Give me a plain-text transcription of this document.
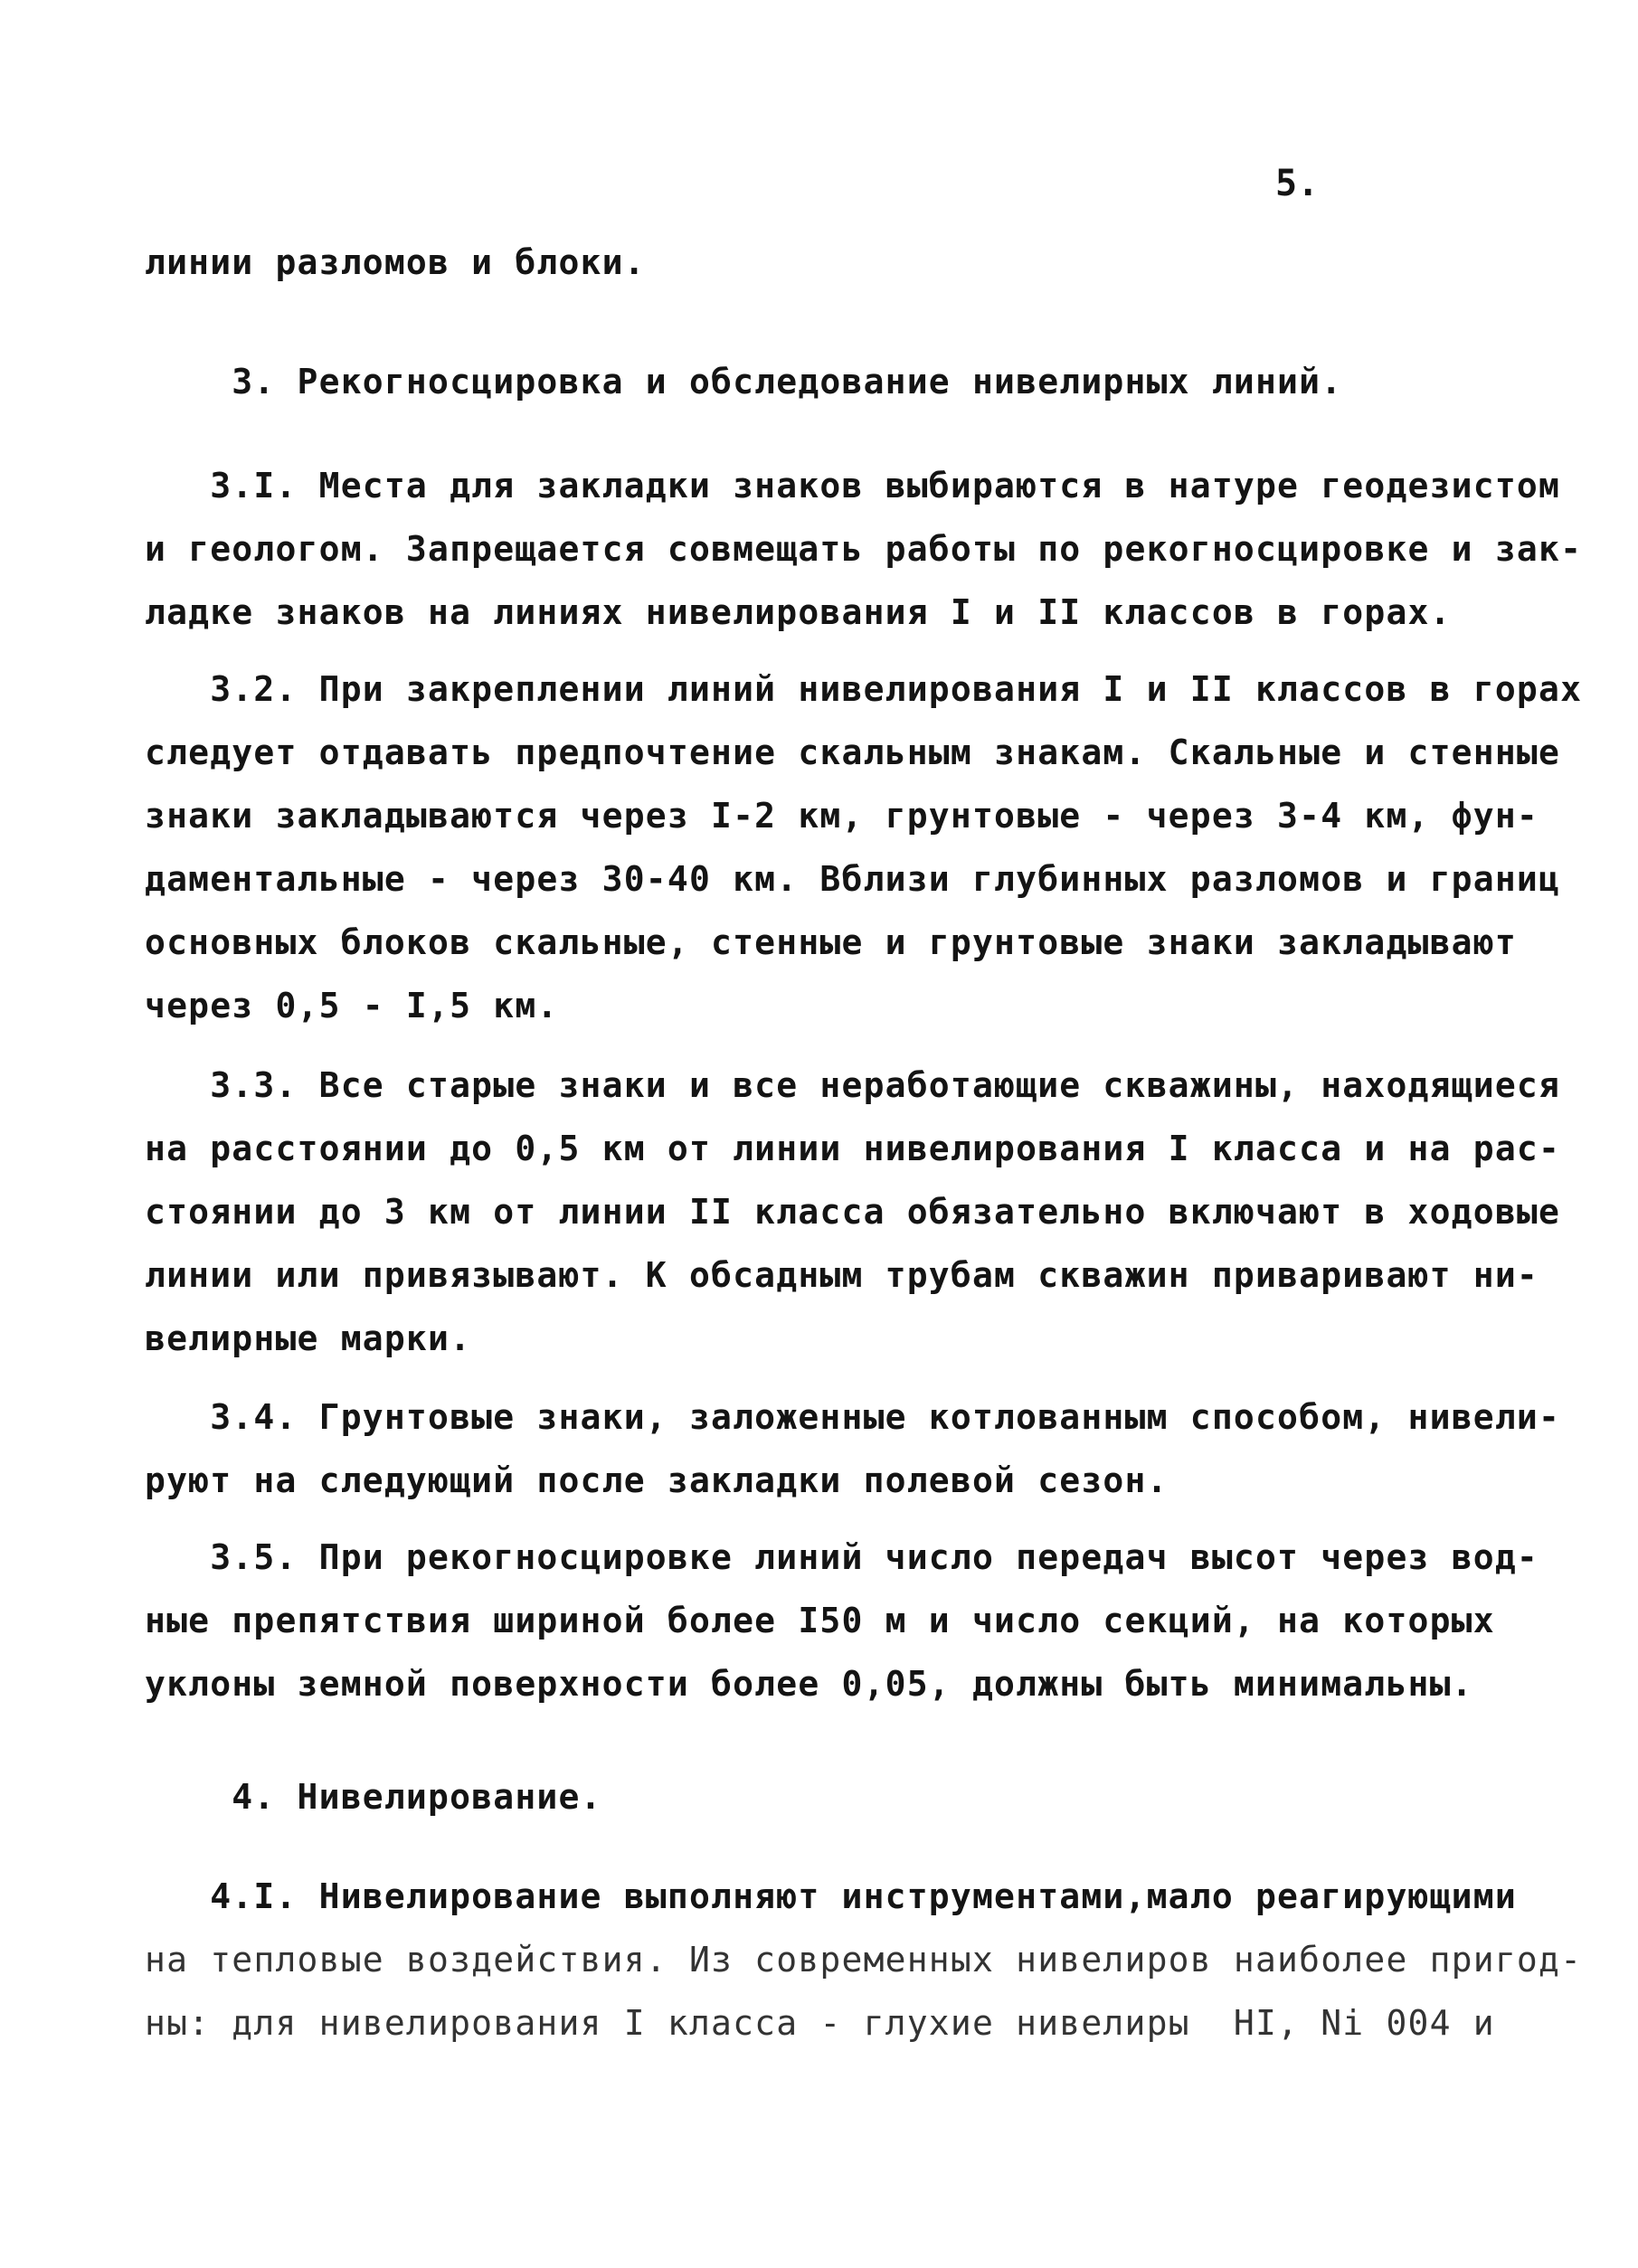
5.
линии разломов и блоки.
3. Рекогносцировка и обследование нивелирных линий.
3.I. Места для закладки знаков выбираются в натуре геодезистом
и геологом. Запрещается совмещать работы по рекогносцировке и зак-
ладке знаков на линиях нивелирования I и II классов в горах.
3.2. При закреплении линий нивелирования I и II классов в горах
следует отдавать предпочтение скальным знакам. Скальные и стенные
знаки закладываются через I-2 км, грунтовые - через 3-4 км, фун-
даментальные - через 30-40 км. Вблизи глубинных разломов и границ
основных блоков скальные, стенные и грунтовые знаки закладывают
через 0,5 - I,5 км.
3.3. Все старые знаки и все неработающие скважины, находящиеся
на расстоянии до 0,5 км от линии нивелирования I класса и на рас-
стоянии до 3 км от линии II класса обязательно включают в ходовые
линии или привязывают. К обсадным трубам скважин приваривают ни-
велирные марки.
3.4. Грунтовые знаки, заложенные котлованным способом, нивели-
руют на следующий после закладки полевой сезон.
3.5. При рекогносцировке линий число передач высот через вод-
ные препятствия шириной более I50 м и число секций, на которых
уклоны земной поверхности более 0,05, должны быть минимальны.
4. Нивелирование.
4.I. Нивелирование выполняют инструментами,мало реагирующими
на тепловые воздействия. Из современных нивелиров наиболее пригод-
ны: для нивелирования I класса - глухие нивелиры  НI, Ni 004 и
